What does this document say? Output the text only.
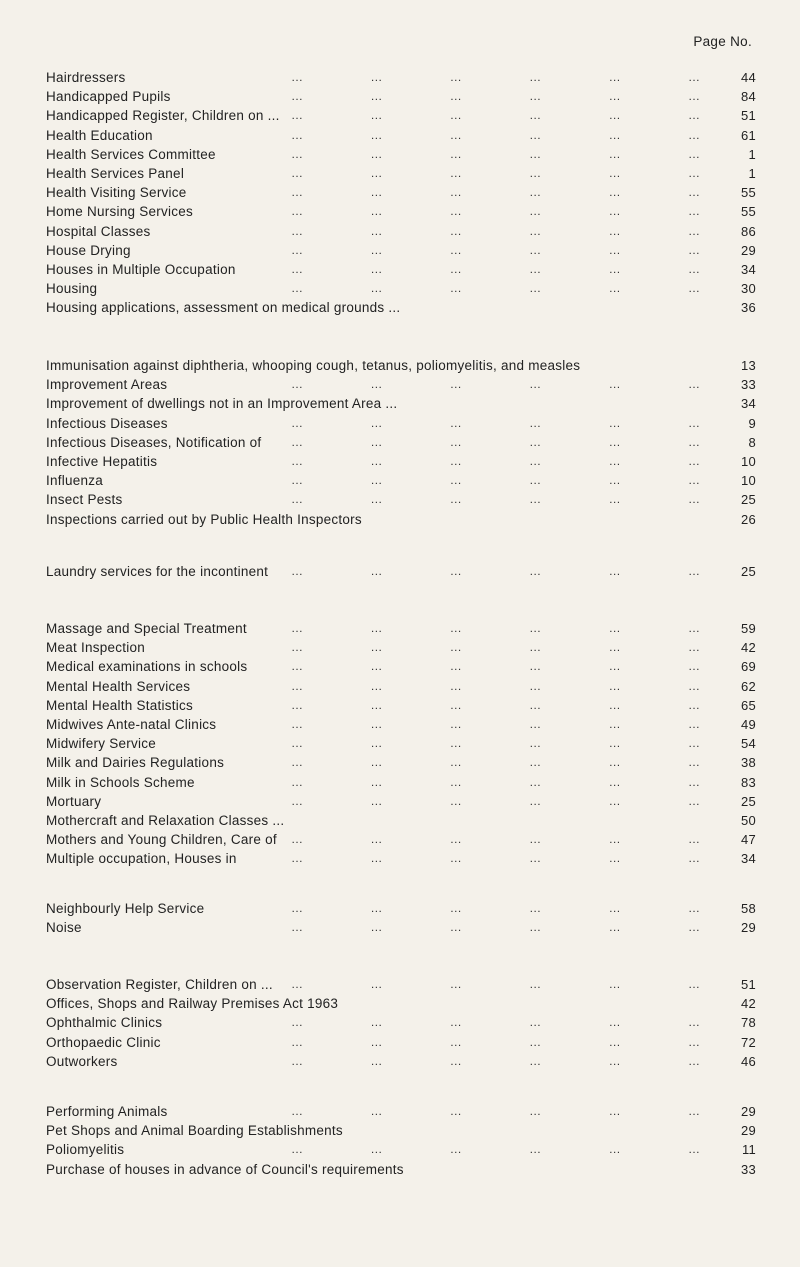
Page No.
Hairdressers	…	…	…	…	…	…	44
Handicapped Pupils	…	…	…	…	…	…	84
Handicapped Register, Children on ... …	…	…	…	…	…	51
Health Education	…	…	…	…	…	…	61
Health Services Committee	…	…	…	…	…	…	1
Health Services Panel	…	…	…	…	…	…	1
Health Visiting Service	…	…	…	…	…	…	55
Home Nursing Services	…	…	…	…	…	…	55
Hospital Classes	…	…	…	…	…	…	86
House Drying	…	…	…	…	…	…	29
Houses in Multiple Occupation	…	…	…	…	…	…	34
Housing	…	…	…	…	…	…	30
Housing applications, assessment on medical grounds ...	36
Immunisation against diphtheria, whooping cough, tetanus, poliomyelitis, and measles	13
Improvement Areas	…	…	…	…	…	…	33
Improvement of dwellings not in an Improvement Area ...	34
Infectious Diseases	…	…	…	…	…	…	9
Infectious Diseases, Notification of …	…	…	…	…	…	8
Infective Hepatitis	…	…	…	…	…	…	10
Influenza	…	…	…	…	…	…	10
Insect Pests	…	…	…	…	…	…	25
Inspections carried out by Public Health Inspectors	26
Laundry services for the incontinent …	…	…	…	…	…	25
Massage and Special Treatment	…	…	…	…	…	…	59
Meat Inspection	…	…	…	…	…	…	42
Medical examinations in schools	…	…	…	…	…	…	69
Mental Health Services	…	…	…	…	…	…	62
Mental Health Statistics	…	…	…	…	…	…	65
Midwives Ante-natal Clinics	…	…	…	…	…	…	49
Midwifery Service	…	…	…	…	…	…	54
Milk and Dairies Regulations	…	…	…	…	…	…	38
Milk in Schools Scheme	…	…	…	…	…	…	83
Mortuary	…	…	…	…	…	…	25
Mothercraft and Relaxation Classes ...	50
Mothers and Young Children, Care of …	…	…	…	…	…	47
Multiple occupation, Houses in	…	…	…	…	…	…	34
Neighbourly Help Service	…	…	…	…	…	…	58
Noise	…	…	…	…	…	…	29
Observation Register, Children on ... …	…	…	…	…	…	51
Offices, Shops and Railway Premises Act 1963	42
Ophthalmic Clinics	…	…	…	…	…	…	78
Orthopaedic Clinic	…	…	…	…	…	…	72
Outworkers	…	…	…	…	…	…	46
Performing Animals	…	…	…	…	…	…	29
Pet Shops and Animal Boarding Establishments	29
Poliomyelitis	…	…	…	…	…	…	11
Purchase of houses in advance of Council's requirements	33
